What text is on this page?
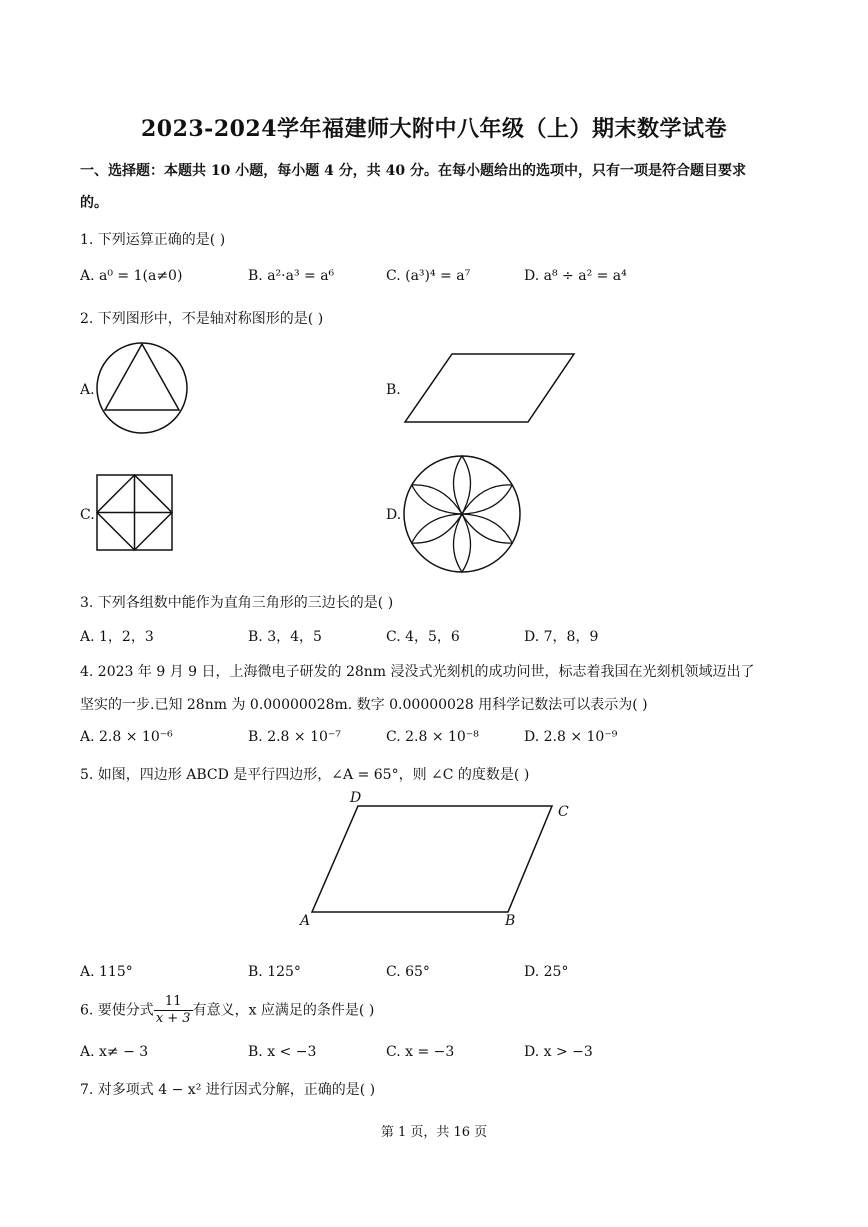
2023-2024学年福建师大附中八年级（上）期末数学试卷
一、选择题：本题共 10 小题，每小题 4 分，共 40 分。在每小题给出的选项中，只有一项是符合题目要求
的。
1. 下列运算正确的是( )
A. a⁰ = 1(a≠0)	B. a²·a³ = a⁶	C. (a³)⁴ = a⁷	D. a⁸ ÷ a² = a⁴
2. 下列图形中，不是轴对称图形的是( )
A.	B.
C.	D.
3. 下列各组数中能作为直角三角形的三边长的是( )
A. 1，2，3	B. 3，4，5	C. 4，5，6	D. 7，8，9
4. 2023 年 9 月 9 日，上海微电子研发的 28nm 浸没式光刻机的成功问世，标志着我国在光刻机领域迈出了
坚实的一步.已知 28nm 为 0.00000028m. 数字 0.00000028 用科学记数法可以表示为( )
A. 2.8 × 10⁻⁶	B. 2.8 × 10⁻⁷	C. 2.8 × 10⁻⁸	D. 2.8 × 10⁻⁹
5. 如图，四边形 ABCD 是平行四边形，∠A = 65°，则 ∠C 的度数是( )
D
C
A	B
A. 115°	B. 125°	C. 65°	D. 25°
6. 要使分式 $\frac{11}{x + 3}$ 有意义，x 应满足的条件是( )
A. x≠ − 3	B. x < −3	C. x = −3	D. x > −3
7. 对多项式 4 − x² 进行因式分解，正确的是( )
第 1 页，共 16 页
